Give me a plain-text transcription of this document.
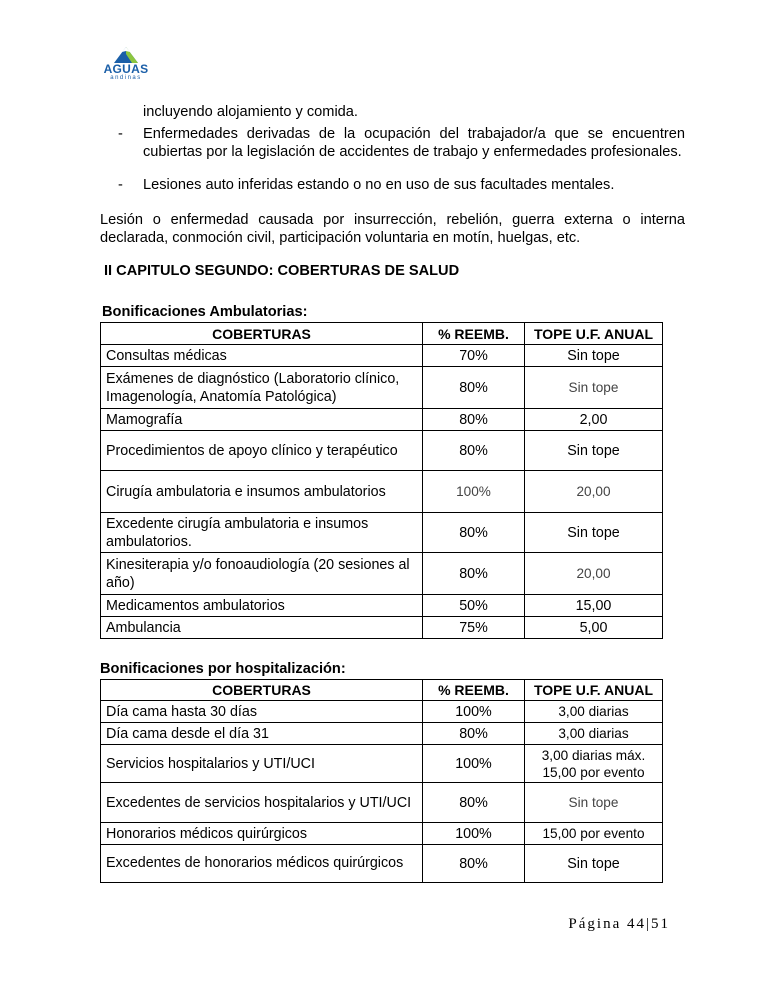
AGUAS
andinas
incluyendo alojamiento y comida.
- Enfermedades derivadas de la ocupación del trabajador/a que se encuentren cubiertas por la legislación de accidentes de trabajo y enfermedades profesionales.
- Lesiones auto inferidas estando o no en uso de sus facultades mentales.
Lesión o enfermedad causada por insurrección, rebelión, guerra externa o interna declarada, conmoción civil, participación voluntaria en motín, huelgas, etc.
II CAPITULO SEGUNDO: COBERTURAS DE SALUD
Bonificaciones Ambulatorias:
COBERTURAS	% REEMB.	TOPE U.F. ANUAL
Consultas médicas	70%	Sin tope
Exámenes de diagnóstico (Laboratorio clínico, Imagenología, Anatomía Patológica)	80%	Sin tope
Mamografía	80%	2,00
Procedimientos de apoyo clínico y terapéutico	80%	Sin tope
Cirugía ambulatoria e insumos ambulatorios	100%	20,00
Excedente cirugía ambulatoria e insumos ambulatorios.	80%	Sin tope
Kinesiterapia y/o fonoaudiología (20 sesiones al año)	80%	20,00
Medicamentos ambulatorios	50%	15,00
Ambulancia	75%	5,00
Bonificaciones por hospitalización:
COBERTURAS	% REEMB.	TOPE U.F. ANUAL
Día cama hasta 30 días	100%	3,00 diarias
Día cama desde el día 31	80%	3,00 diarias
Servicios hospitalarios y UTI/UCI	100%	3,00 diarias máx. 15,00 por evento
Excedentes de servicios hospitalarios y UTI/UCI	80%	Sin tope
Honorarios médicos quirúrgicos	100%	15,00 por evento
Excedentes de honorarios médicos quirúrgicos	80%	Sin tope
Página 44|51
